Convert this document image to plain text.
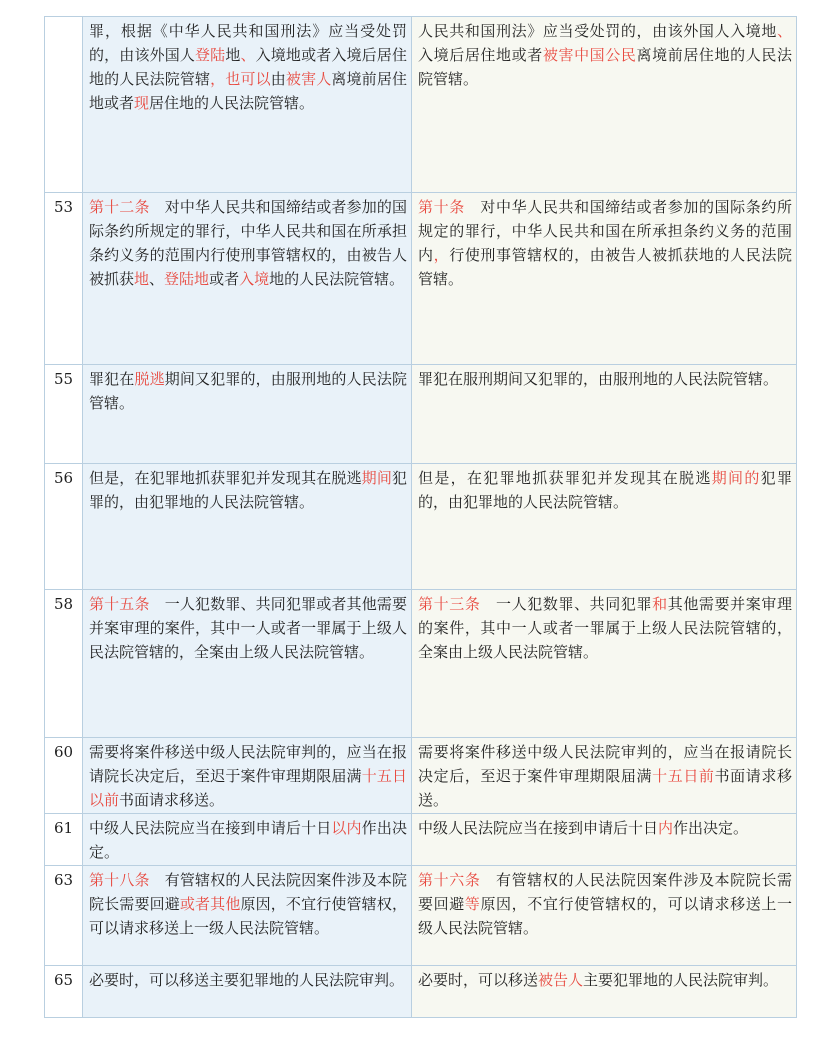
	罪，根据《中华人民共和国刑法》应当受处罚的，由该外国人登陆地、入境地或者入境后居住地的人民法院管辖，也可以由被害人离境前居住地或者现居住地的人民法院管辖。	人民共和国刑法》应当受处罚的，由该外国人入境地、入境后居住地或者被害中国公民离境前居住地的人民法院管辖。
53	第十二条　对中华人民共和国缔结或者参加的国际条约所规定的罪行，中华人民共和国在所承担条约义务的范围内行使刑事管辖权的，由被告人被抓获地、登陆地或者入境地的人民法院管辖。	第十条　对中华人民共和国缔结或者参加的国际条约所规定的罪行，中华人民共和国在所承担条约义务的范围内，行使刑事管辖权的，由被告人被抓获地的人民法院管辖。
55	罪犯在脱逃期间又犯罪的，由服刑地的人民法院管辖。	罪犯在服刑期间又犯罪的，由服刑地的人民法院管辖。
56	但是，在犯罪地抓获罪犯并发现其在脱逃期间犯罪的，由犯罪地的人民法院管辖。	但是，在犯罪地抓获罪犯并发现其在脱逃期间的犯罪的，由犯罪地的人民法院管辖。
58	第十五条　一人犯数罪、共同犯罪或者其他需要并案审理的案件，其中一人或者一罪属于上级人民法院管辖的，全案由上级人民法院管辖。	第十三条　一人犯数罪、共同犯罪和其他需要并案审理的案件，其中一人或者一罪属于上级人民法院管辖的，全案由上级人民法院管辖。
60	需要将案件移送中级人民法院审判的，应当在报请院长决定后，至迟于案件审理期限届满十五日以前书面请求移送。	需要将案件移送中级人民法院审判的，应当在报请院长决定后，至迟于案件审理期限届满十五日前书面请求移送。
61	中级人民法院应当在接到申请后十日以内作出决定。	中级人民法院应当在接到申请后十日内作出决定。
63	第十八条　有管辖权的人民法院因案件涉及本院院长需要回避或者其他原因，不宜行使管辖权，可以请求移送上一级人民法院管辖。	第十六条　有管辖权的人民法院因案件涉及本院院长需要回避等原因，不宜行使管辖权的，可以请求移送上一级人民法院管辖。
65	必要时，可以移送主要犯罪地的人民法院审判。	必要时，可以移送被告人主要犯罪地的人民法院审判。
